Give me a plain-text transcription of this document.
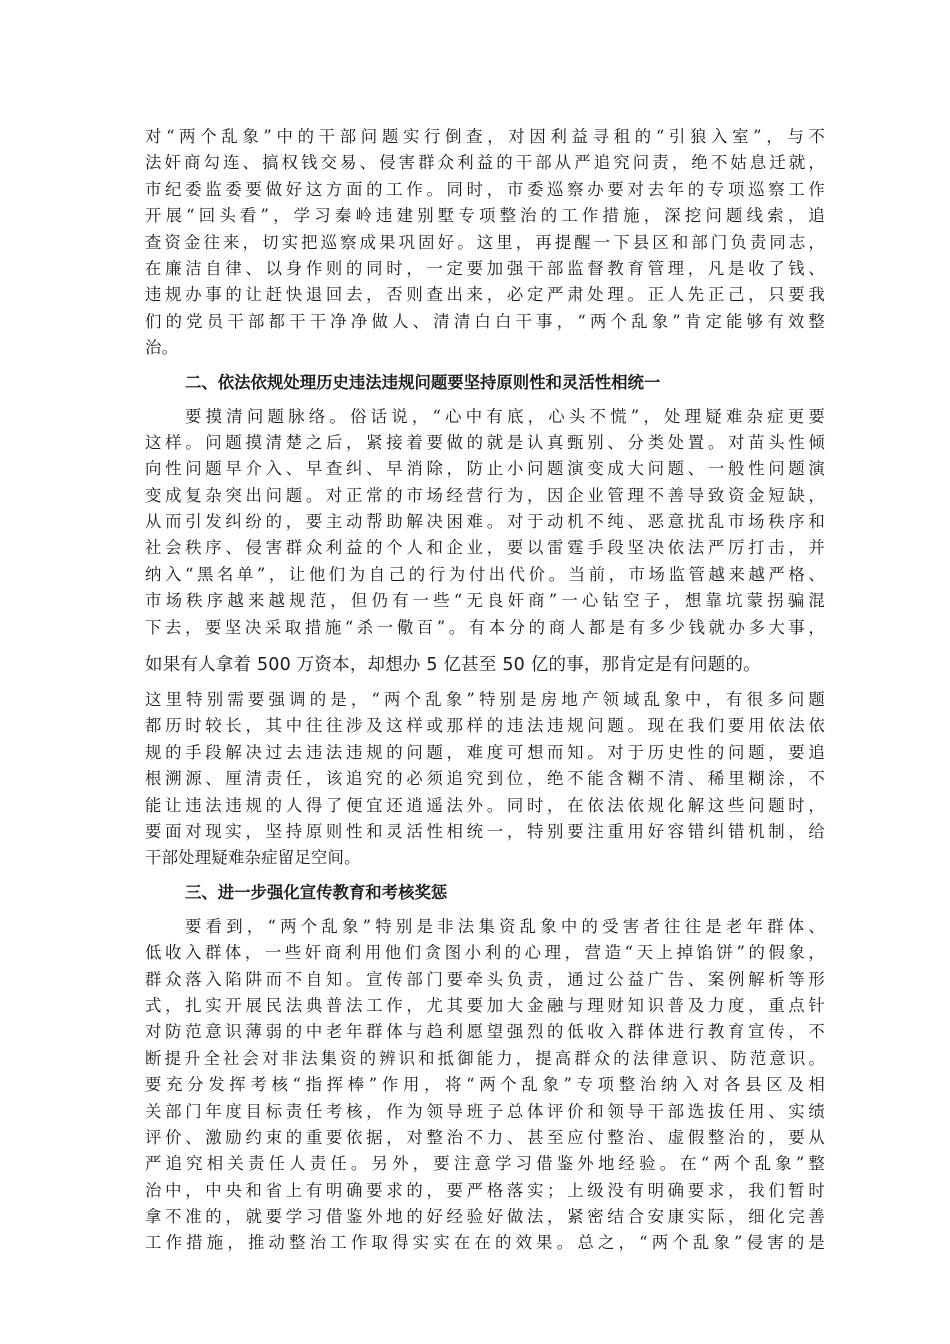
对“两个乱象”中的干部问题实行倒查，对因利益寻租的“引狼入室”，与不
法奸商勾连、搞权钱交易、侵害群众利益的干部从严追究问责，绝不姑息迁就，
市纪委监委要做好这方面的工作。同时，市委巡察办要对去年的专项巡察工作
开展“回头看”，学习秦岭违建别墅专项整治的工作措施，深挖问题线索，追
查资金往来，切实把巡察成果巩固好。这里，再提醒一下县区和部门负责同志，
在廉洁自律、以身作则的同时，一定要加强干部监督教育管理，凡是收了钱、
违规办事的让赶快退回去，否则查出来，必定严肃处理。正人先正己，只要我
们的党员干部都干干净净做人、清清白白干事，“两个乱象”肯定能够有效整
治。
二、依法依规处理历史违法违规问题要坚持原则性和灵活性相统一
要摸清问题脉络。俗话说，“心中有底，心头不慌”，处理疑难杂症更要
这样。问题摸清楚之后，紧接着要做的就是认真甄别、分类处置。对苗头性倾
向性问题早介入、早查纠、早消除，防止小问题演变成大问题、一般性问题演
变成复杂突出问题。对正常的市场经营行为，因企业管理不善导致资金短缺，
从而引发纠纷的，要主动帮助解决困难。对于动机不纯、恶意扰乱市场秩序和
社会秩序、侵害群众利益的个人和企业，要以雷霆手段坚决依法严厉打击，并
纳入“黑名单”，让他们为自己的行为付出代价。当前，市场监管越来越严格、
市场秩序越来越规范，但仍有一些“无良奸商”一心钻空子，想靠坑蒙拐骗混
下去，要坚决采取措施“杀一儆百”。有本分的商人都是有多少钱就办多大事，
如果有人拿着 500 万资本，却想办 5 亿甚至 50 亿的事，那肯定是有问题的。
这里特别需要强调的是，“两个乱象”特别是房地产领域乱象中，有很多问题
都历时较长，其中往往涉及这样或那样的违法违规问题。现在我们要用依法依
规的手段解决过去违法违规的问题，难度可想而知。对于历史性的问题，要追
根溯源、厘清责任，该追究的必须追究到位，绝不能含糊不清、稀里糊涂，不
能让违法违规的人得了便宜还逍遥法外。同时，在依法依规化解这些问题时，
要面对现实，坚持原则性和灵活性相统一，特别要注重用好容错纠错机制，给
干部处理疑难杂症留足空间。
三、进一步强化宣传教育和考核奖惩
要看到，“两个乱象”特别是非法集资乱象中的受害者往往是老年群体、
低收入群体，一些奸商利用他们贪图小利的心理，营造“天上掉馅饼”的假象，
群众落入陷阱而不自知。宣传部门要牵头负责，通过公益广告、案例解析等形
式，扎实开展民法典普法工作，尤其要加大金融与理财知识普及力度，重点针
对防范意识薄弱的中老年群体与趋利愿望强烈的低收入群体进行教育宣传，不
断提升全社会对非法集资的辨识和抵御能力，提高群众的法律意识、防范意识。
要充分发挥考核“指挥棒”作用，将“两个乱象”专项整治纳入对各县区及相
关部门年度目标责任考核，作为领导班子总体评价和领导干部选拔任用、实绩
评价、激励约束的重要依据，对整治不力、甚至应付整治、虚假整治的，要从
严追究相关责任人责任。另外，要注意学习借鉴外地经验。在“两个乱象”整
治中，中央和省上有明确要求的，要严格落实；上级没有明确要求，我们暂时
拿不准的，就要学习借鉴外地的好经验好做法，紧密结合安康实际，细化完善
工作措施，推动整治工作取得实实在在的效果。总之，“两个乱象”侵害的是
